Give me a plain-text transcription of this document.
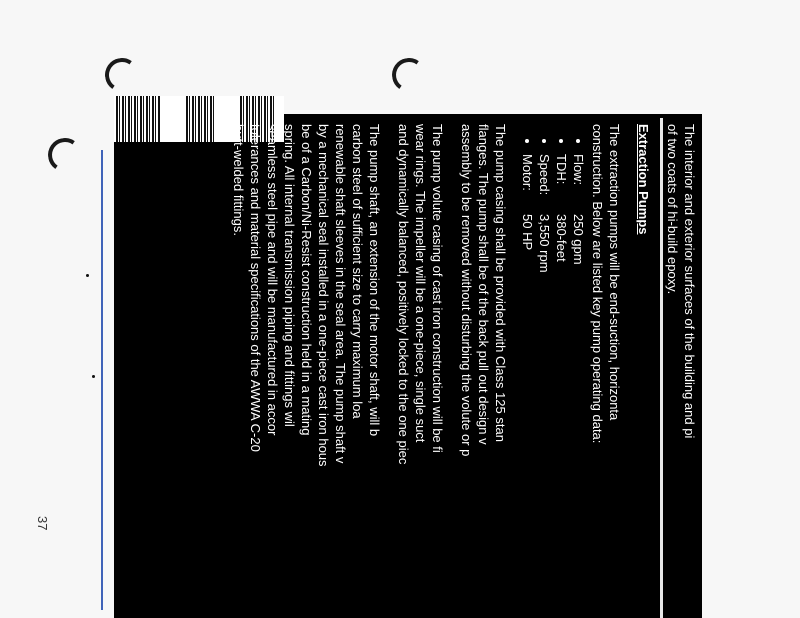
37

The interior and exterior surfaces of the building and pi
of two coats of hi-build epoxy.

Extraction Pumps

The extraction pumps will be end-suction, horizonta
construction. Below are listed key pump operating data:

• Flow:250 gpm
• TDH:380-feet
• Speed:3,550 rpm
• Motor:50 HP

The pump casing shall be provided with Class 125 stan
flanges. The pump shall be of the back pull out design v
assembly to be removed without disturbing the volute or p

The pump volute casing of cast iron construction will be fi
wear rings. The impeller will be a one-piece, single suct
and dynamically balanced, positively locked to the one piec

The pump shaft, an extension of the motor shaft, will b
carbon steel of sufficient size to carry maximum loa
renewable shaft sleeves in the seal area. The pump shaft v
by a mechanical seal installed in a one-piece cast iron hous
be of a Carbon/Ni-Resist construction held in a mating
spring. All internal transmission piping and fittings wil
seamless steel pipe and will be manufactured in accor
tolerances and material specifications of the AWWA C-20
butt-welded fittings.
